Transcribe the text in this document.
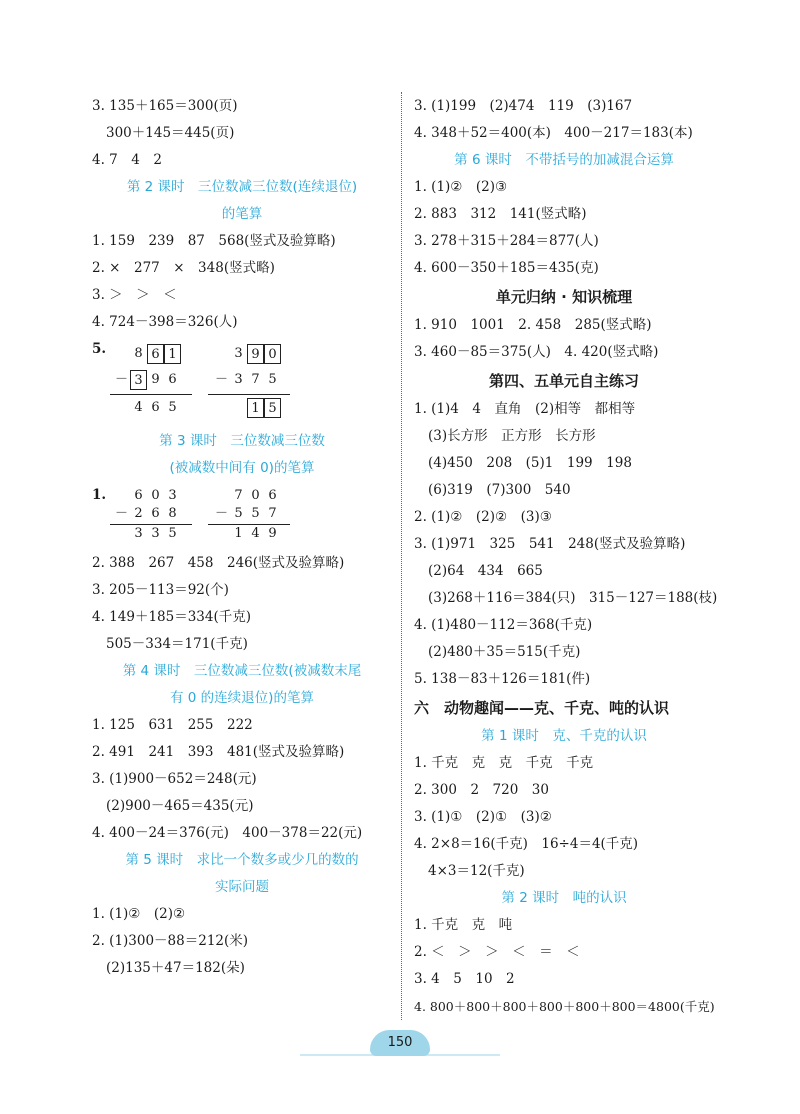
3. 135＋165＝300(页)
300＋145＝445(页)
4. 7　4　2
第 2 课时　三位数减三位数(连续退位)
的笔算
1. 159　239　87　568(竖式及验算略)
2. ×　277　×　348(竖式略)
3. ＞　＞　＜
4. 724－398＝326(人)
5.	8 6 1
－ 3 9 6
4 6 5
3 9 0
－ 3 7 5
1 5
第 3 课时　三位数减三位数
(被减数中间有 0)的笔算
1.	6 0 3
－ 2 6 8
3 3 5
7 0 6
－ 5 5 7
1 4 9
2. 388　267　458　246(竖式及验算略)
3. 205－113＝92(个)
4. 149＋185＝334(千克)
505－334＝171(千克)
第 4 课时　三位数减三位数(被减数末尾
有 0 的连续退位)的笔算
1. 125　631　255　222
2. 491　241　393　481(竖式及验算略)
3. (1)900－652＝248(元)
(2)900－465＝435(元)
4. 400－24＝376(元)　400－378＝22(元)
第 5 课时　求比一个数多或少几的数的
实际问题
1. (1)②　(2)②
2. (1)300－88＝212(米)
(2)135＋47＝182(朵)
3. (1)199　(2)474　119　(3)167
4. 348＋52＝400(本)　400－217＝183(本)
第 6 课时　不带括号的加减混合运算
1. (1)②　(2)③
2. 883　312　141(竖式略)
3. 278＋315＋284＝877(人)
4. 600－350＋185＝435(克)
单元归纳 · 知识梳理
1. 910　1001　2. 458　285(竖式略)
3. 460－85＝375(人)　4. 420(竖式略)
第四、五单元自主练习
1. (1)4　4　直角　(2)相等　都相等
(3)长方形　正方形　长方形
(4)450　208　(5)1　199　198
(6)319　(7)300　540
2. (1)②　(2)②　(3)③
3. (1)971　325　541　248(竖式及验算略)
(2)64　434　665
(3)268＋116＝384(只)　315－127＝188(枝)
4. (1)480－112＝368(千克)
(2)480＋35＝515(千克)
5. 138－83＋126＝181(件)
六　动物趣闻——克、千克、吨的认识
第 1 课时　克、千克的认识
1. 千克　克　克　千克　千克
2. 300　2　720　30
3. (1)①　(2)①　(3)②
4. 2×8＝16(千克)　16÷4＝4(千克)
4×3＝12(千克)
第 2 课时　吨的认识
1. 千克　克　吨
2. ＜　＞　＞　＜　＝　＜
3. 4　5　10　2
4. 800＋800＋800＋800＋800＋800＝4800(千克)
150
